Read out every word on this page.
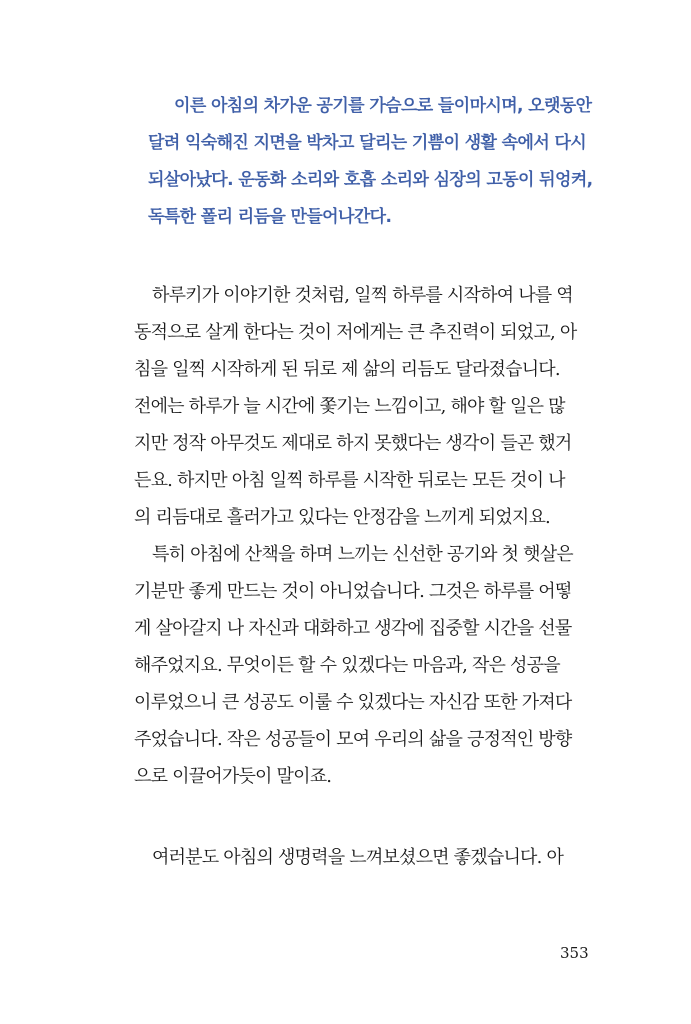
이른 아침의 차가운 공기를 가슴으로 들이마시며, 오랫동안
달려 익숙해진 지면을 박차고 달리는 기쁨이 생활 속에서 다시
되살아났다. 운동화 소리와 호흡 소리와 심장의 고동이 뒤엉켜,
독특한 폴리 리듬을 만들어나간다.
하루키가 이야기한 것처럼, 일찍 하루를 시작하여 나를 역
동적으로 살게 한다는 것이 저에게는 큰 추진력이 되었고, 아
침을 일찍 시작하게 된 뒤로 제 삶의 리듬도 달라졌습니다.
전에는 하루가 늘 시간에 쫓기는 느낌이고, 해야 할 일은 많
지만 정작 아무것도 제대로 하지 못했다는 생각이 들곤 했거
든요. 하지만 아침 일찍 하루를 시작한 뒤로는 모든 것이 나
의 리듬대로 흘러가고 있다는 안정감을 느끼게 되었지요.
특히 아침에 산책을 하며 느끼는 신선한 공기와 첫 햇살은
기분만 좋게 만드는 것이 아니었습니다. 그것은 하루를 어떻
게 살아갈지 나 자신과 대화하고 생각에 집중할 시간을 선물
해주었지요. 무엇이든 할 수 있겠다는 마음과, 작은 성공을
이루었으니 큰 성공도 이룰 수 있겠다는 자신감 또한 가져다
주었습니다. 작은 성공들이 모여 우리의 삶을 긍정적인 방향
으로 이끌어가듯이 말이죠.
여러분도 아침의 생명력을 느껴보셨으면 좋겠습니다. 아
353
